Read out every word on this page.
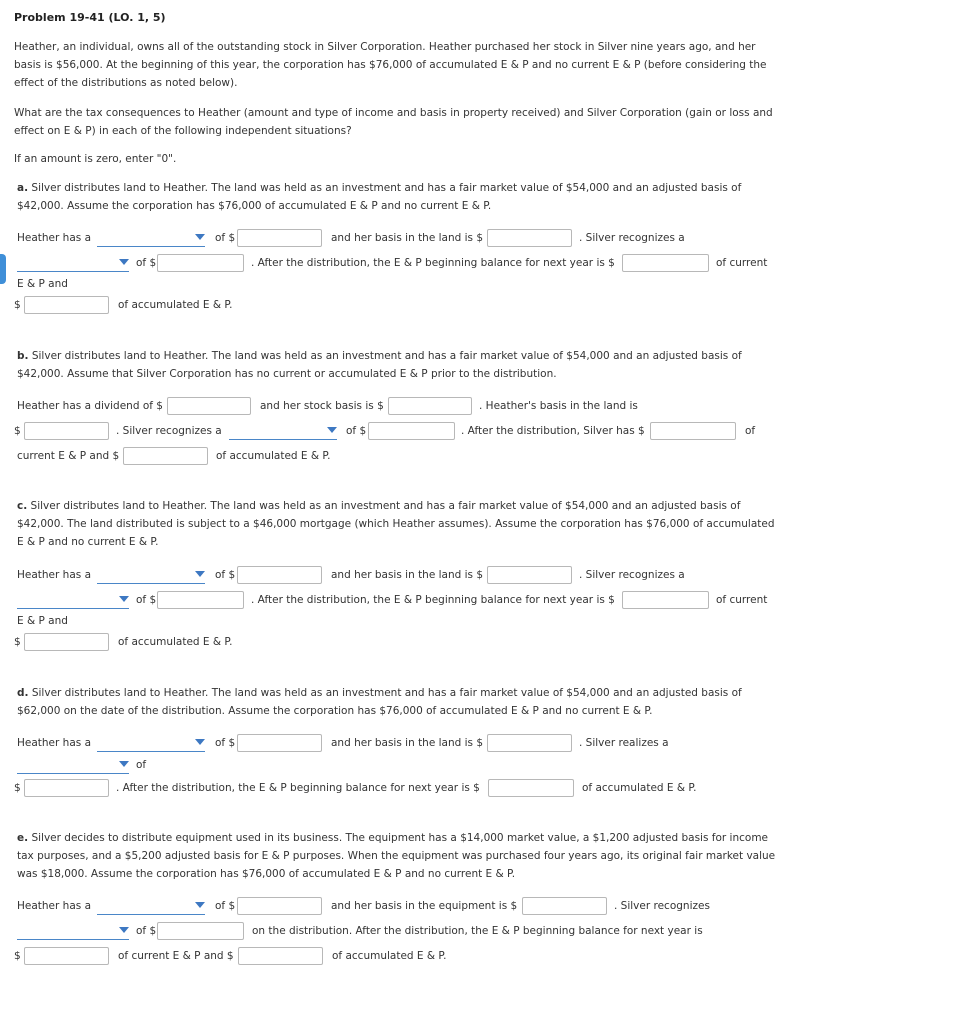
Problem 19-41 (LO. 1, 5)
Heather, an individual, owns all of the outstanding stock in Silver Corporation. Heather purchased her stock in Silver nine years ago, and her basis is $56,000. At the beginning of this year, the corporation has $76,000 of accumulated E & P and no current E & P (before considering the effect of the distributions as noted below).
What are the tax consequences to Heather (amount and type of income and basis in property received) and Silver Corporation (gain or loss and effect on E & P) in each of the following independent situations?
If an amount is zero, enter "0".
a. Silver distributes land to Heather. The land was held as an investment and has a fair market value of $54,000 and an adjusted basis of $42,000. Assume the corporation has $76,000 of accumulated E & P and no current E & P.
Heather has a	of $	and her basis in the land is $	. Silver recognizes a
of $	. After the distribution, the E & P beginning balance for next year is $	of current
E & P and
$	of accumulated E & P.
b. Silver distributes land to Heather. The land was held as an investment and has a fair market value of $54,000 and an adjusted basis of $42,000. Assume that Silver Corporation has no current or accumulated E & P prior to the distribution.
Heather has a dividend of $	and her stock basis is $	. Heather's basis in the land is
$	. Silver recognizes a	of $	. After the distribution, Silver has $	of
current E & P and $	of accumulated E & P.
c. Silver distributes land to Heather. The land was held as an investment and has a fair market value of $54,000 and an adjusted basis of $42,000. The land distributed is subject to a $46,000 mortgage (which Heather assumes). Assume the corporation has $76,000 of accumulated E & P and no current E & P.
Heather has a	of $	and her basis in the land is $	. Silver recognizes a
of $	. After the distribution, the E & P beginning balance for next year is $	of current
E & P and
$	of accumulated E & P.
d. Silver distributes land to Heather. The land was held as an investment and has a fair market value of $54,000 and an adjusted basis of $62,000 on the date of the distribution. Assume the corporation has $76,000 of accumulated E & P and no current E & P.
Heather has a	of $	and her basis in the land is $	. Silver realizes a
of
$	. After the distribution, the E & P beginning balance for next year is $	of accumulated E & P.
e. Silver decides to distribute equipment used in its business. The equipment has a $14,000 market value, a $1,200 adjusted basis for income tax purposes, and a $5,200 adjusted basis for E & P purposes. When the equipment was purchased four years ago, its original fair market value was $18,000. Assume the corporation has $76,000 of accumulated E & P and no current E & P.
Heather has a	of $	and her basis in the equipment is $	. Silver recognizes
of $	on the distribution. After the distribution, the E & P beginning balance for next year is
$	of current E & P and $	of accumulated E & P.
